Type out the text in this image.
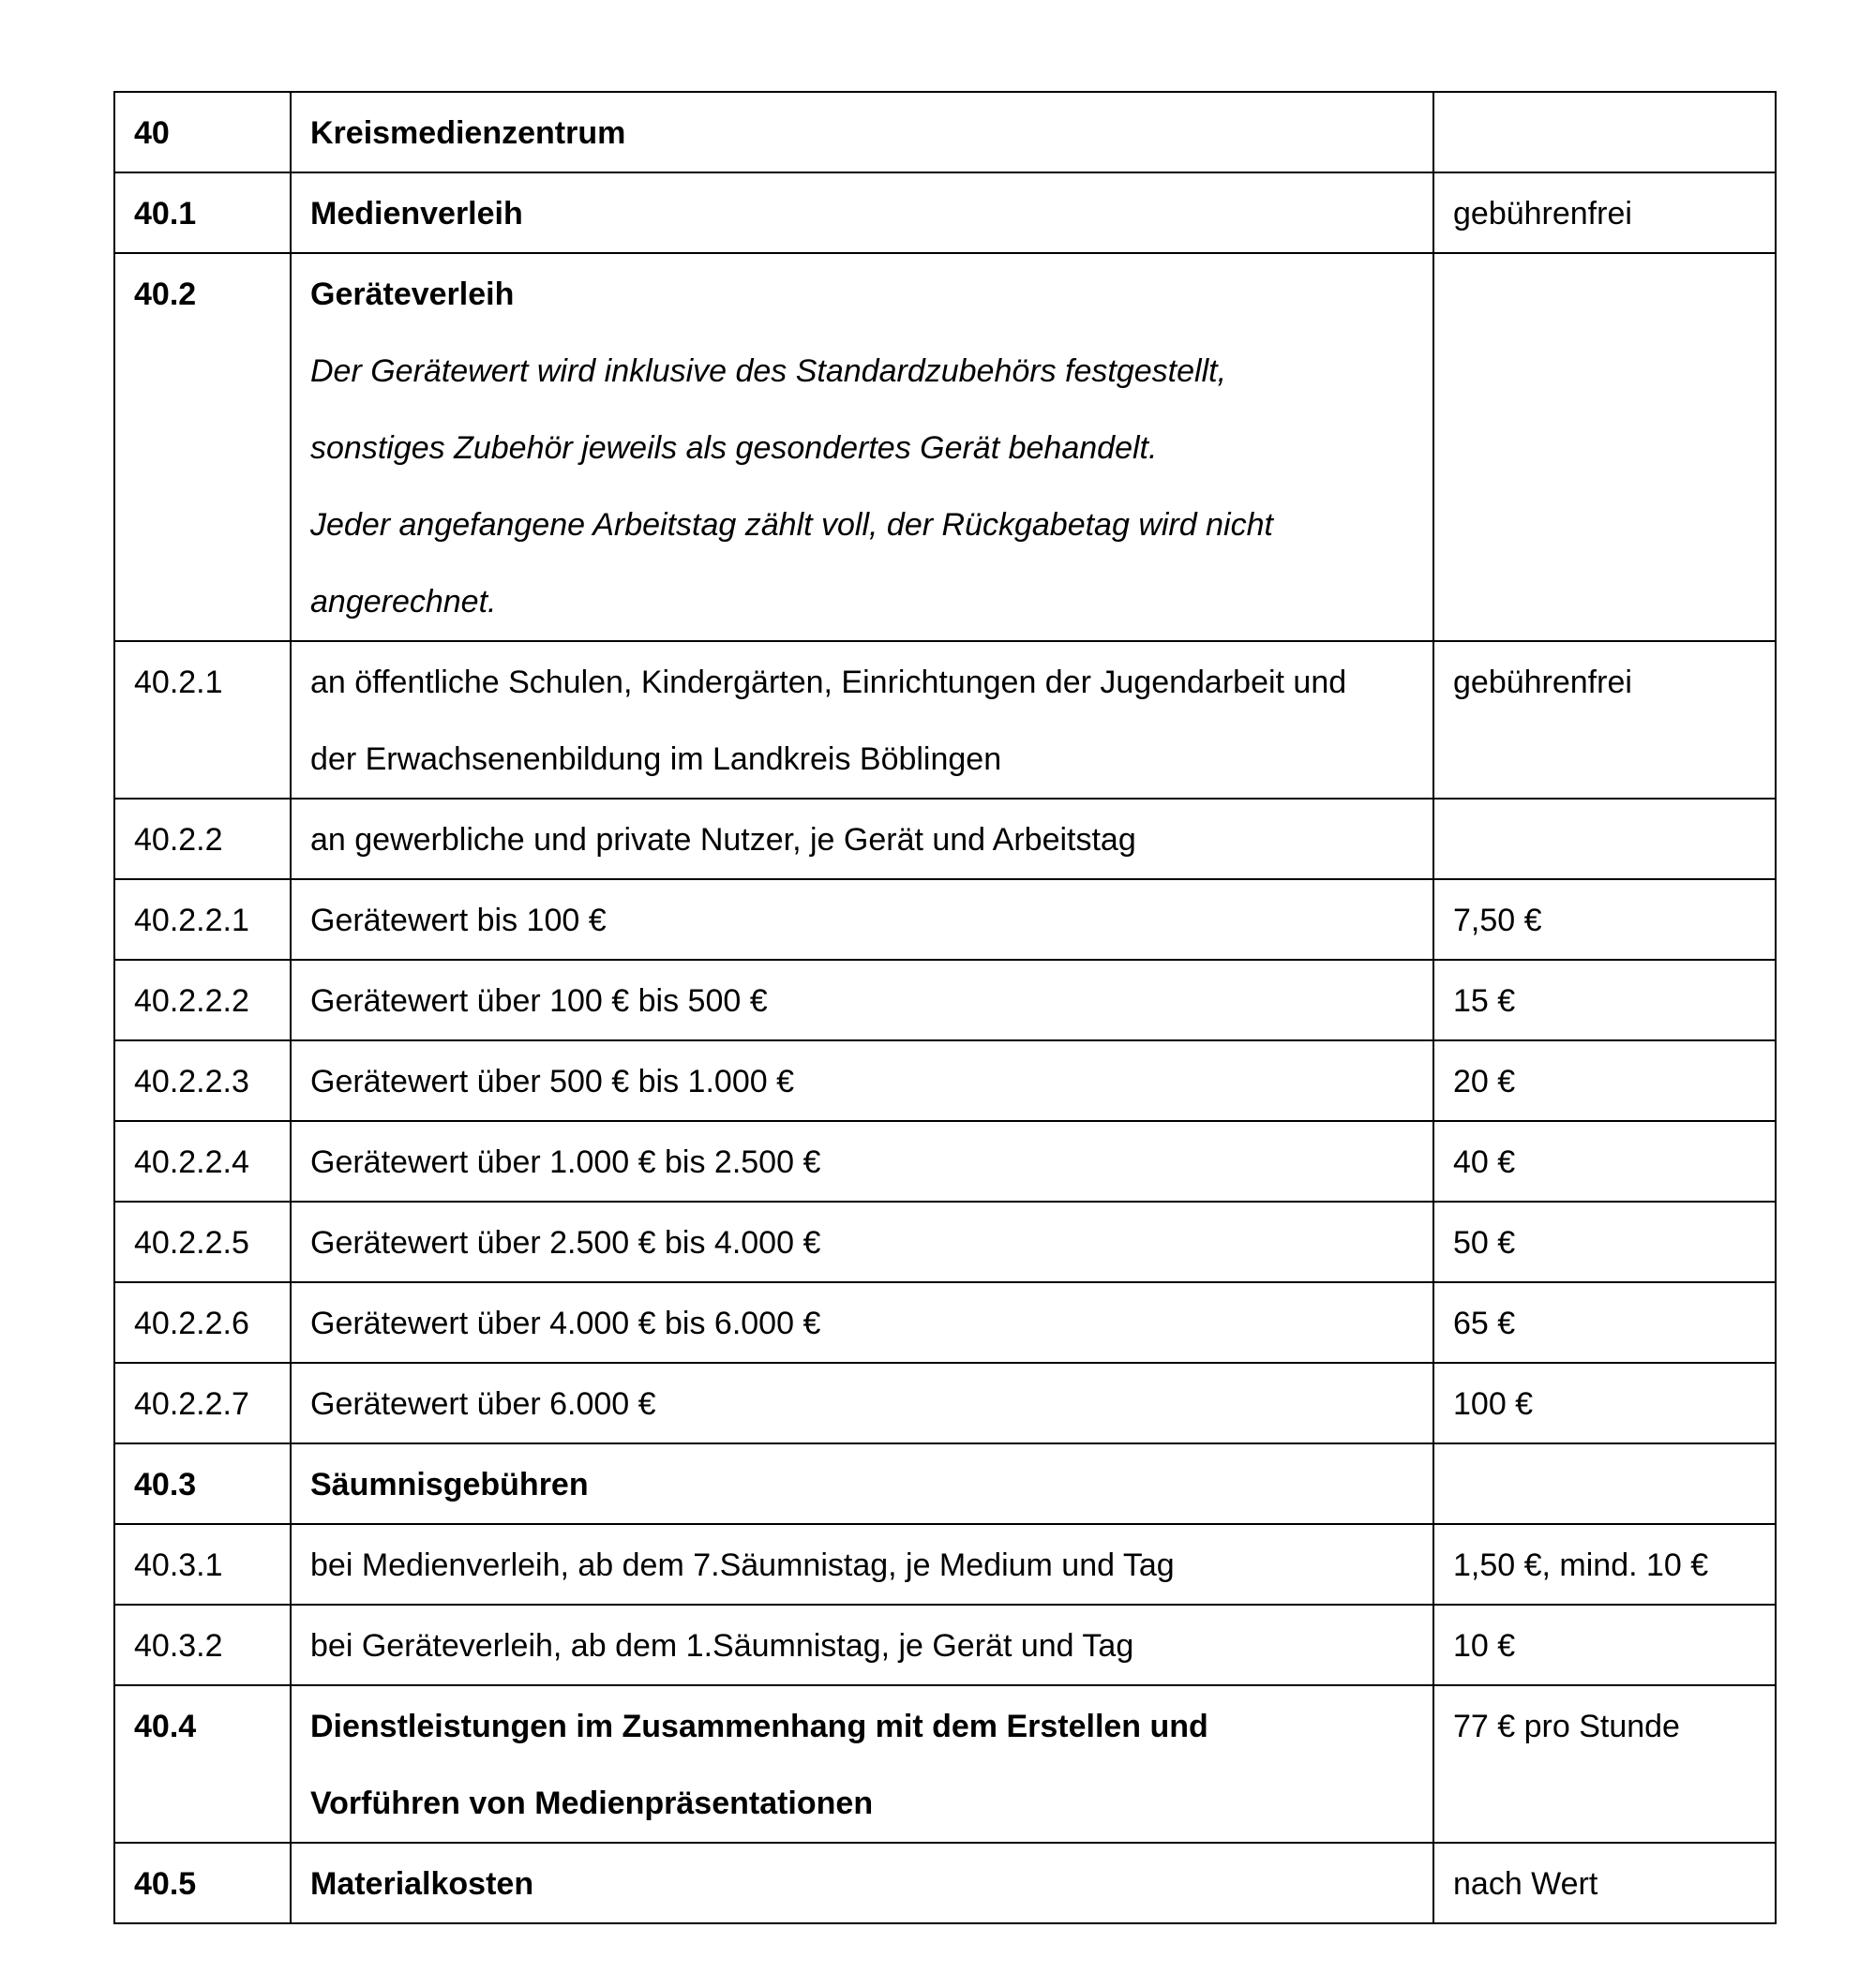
40	Kreismedienzentrum	

40.1	Medienverleih	gebührenfrei

40.2	Geräteverleih
Der Gerätewert wird inklusive des Standardzubehörs festgestellt,
sonstiges Zubehör jeweils als gesondertes Gerät behandelt.
Jeder angefangene Arbeitstag zählt voll, der Rückgabetag wird nicht
angerechnet.	

40.2.1	an öffentliche Schulen, Kindergärten, Einrichtungen der Jugendarbeit und
der Erwachsenenbildung im Landkreis Böblingen	gebührenfrei

40.2.2	an gewerbliche und private Nutzer, je Gerät und Arbeitstag	

40.2.2.1	Gerätewert bis 100 €	7,50 €

40.2.2.2	Gerätewert über 100 € bis 500 €	15 €

40.2.2.3	Gerätewert über 500 € bis 1.000 €	20 €

40.2.2.4	Gerätewert über 1.000 € bis 2.500 €	40 €

40.2.2.5	Gerätewert über 2.500 € bis 4.000 €	50 €

40.2.2.6	Gerätewert über 4.000 € bis 6.000 €	65 €

40.2.2.7	Gerätewert über 6.000 €	100 €

40.3	Säumnisgebühren	

40.3.1	bei Medienverleih, ab dem 7.Säumnistag, je Medium und Tag	1,50 €, mind. 10 €

40.3.2	bei Geräteverleih, ab dem 1.Säumnistag, je Gerät und Tag	10 €

40.4	Dienstleistungen im Zusammenhang mit dem Erstellen und
Vorführen von Medienpräsentationen	77 € pro Stunde

40.5	Materialkosten	nach Wert
